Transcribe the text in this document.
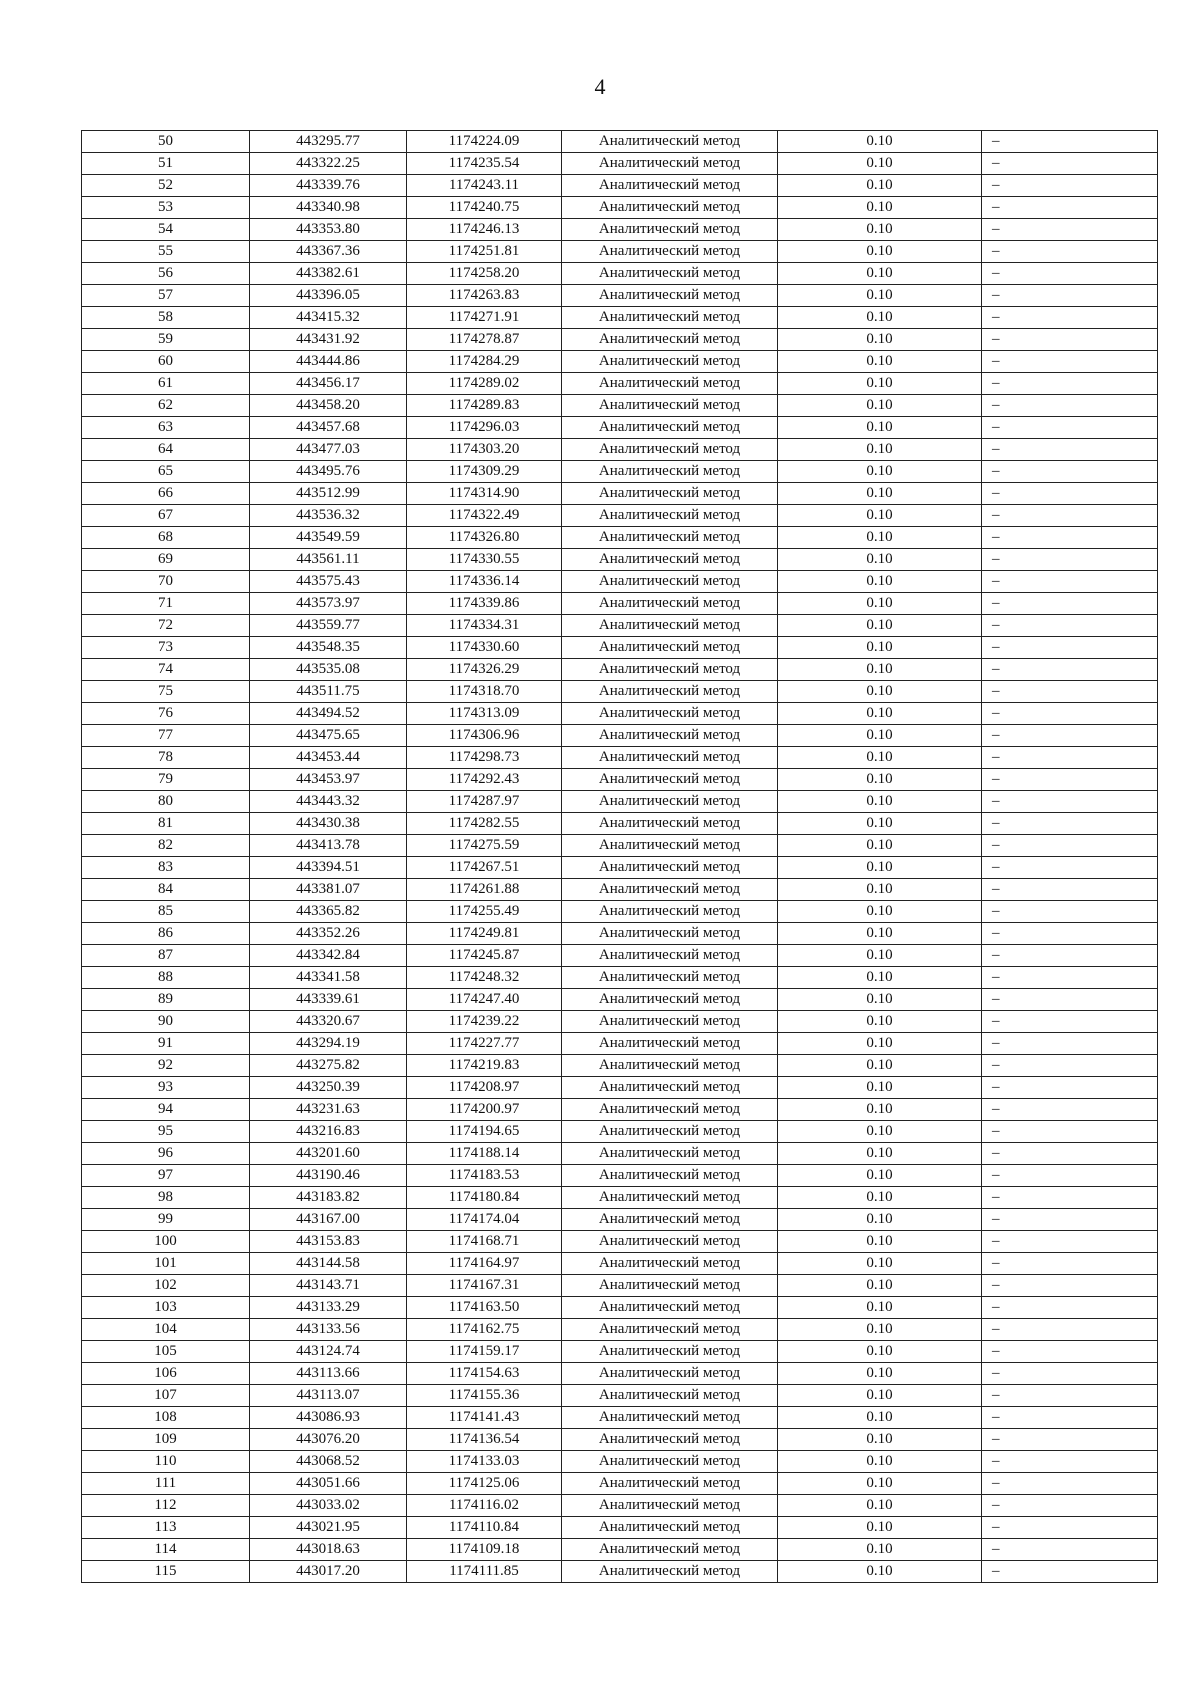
4
50	443295.77	1174224.09	Аналитический метод	0.10	–
51	443322.25	1174235.54	Аналитический метод	0.10	–
52	443339.76	1174243.11	Аналитический метод	0.10	–
53	443340.98	1174240.75	Аналитический метод	0.10	–
54	443353.80	1174246.13	Аналитический метод	0.10	–
55	443367.36	1174251.81	Аналитический метод	0.10	–
56	443382.61	1174258.20	Аналитический метод	0.10	–
57	443396.05	1174263.83	Аналитический метод	0.10	–
58	443415.32	1174271.91	Аналитический метод	0.10	–
59	443431.92	1174278.87	Аналитический метод	0.10	–
60	443444.86	1174284.29	Аналитический метод	0.10	–
61	443456.17	1174289.02	Аналитический метод	0.10	–
62	443458.20	1174289.83	Аналитический метод	0.10	–
63	443457.68	1174296.03	Аналитический метод	0.10	–
64	443477.03	1174303.20	Аналитический метод	0.10	–
65	443495.76	1174309.29	Аналитический метод	0.10	–
66	443512.99	1174314.90	Аналитический метод	0.10	–
67	443536.32	1174322.49	Аналитический метод	0.10	–
68	443549.59	1174326.80	Аналитический метод	0.10	–
69	443561.11	1174330.55	Аналитический метод	0.10	–
70	443575.43	1174336.14	Аналитический метод	0.10	–
71	443573.97	1174339.86	Аналитический метод	0.10	–
72	443559.77	1174334.31	Аналитический метод	0.10	–
73	443548.35	1174330.60	Аналитический метод	0.10	–
74	443535.08	1174326.29	Аналитический метод	0.10	–
75	443511.75	1174318.70	Аналитический метод	0.10	–
76	443494.52	1174313.09	Аналитический метод	0.10	–
77	443475.65	1174306.96	Аналитический метод	0.10	–
78	443453.44	1174298.73	Аналитический метод	0.10	–
79	443453.97	1174292.43	Аналитический метод	0.10	–
80	443443.32	1174287.97	Аналитический метод	0.10	–
81	443430.38	1174282.55	Аналитический метод	0.10	–
82	443413.78	1174275.59	Аналитический метод	0.10	–
83	443394.51	1174267.51	Аналитический метод	0.10	–
84	443381.07	1174261.88	Аналитический метод	0.10	–
85	443365.82	1174255.49	Аналитический метод	0.10	–
86	443352.26	1174249.81	Аналитический метод	0.10	–
87	443342.84	1174245.87	Аналитический метод	0.10	–
88	443341.58	1174248.32	Аналитический метод	0.10	–
89	443339.61	1174247.40	Аналитический метод	0.10	–
90	443320.67	1174239.22	Аналитический метод	0.10	–
91	443294.19	1174227.77	Аналитический метод	0.10	–
92	443275.82	1174219.83	Аналитический метод	0.10	–
93	443250.39	1174208.97	Аналитический метод	0.10	–
94	443231.63	1174200.97	Аналитический метод	0.10	–
95	443216.83	1174194.65	Аналитический метод	0.10	–
96	443201.60	1174188.14	Аналитический метод	0.10	–
97	443190.46	1174183.53	Аналитический метод	0.10	–
98	443183.82	1174180.84	Аналитический метод	0.10	–
99	443167.00	1174174.04	Аналитический метод	0.10	–
100	443153.83	1174168.71	Аналитический метод	0.10	–
101	443144.58	1174164.97	Аналитический метод	0.10	–
102	443143.71	1174167.31	Аналитический метод	0.10	–
103	443133.29	1174163.50	Аналитический метод	0.10	–
104	443133.56	1174162.75	Аналитический метод	0.10	–
105	443124.74	1174159.17	Аналитический метод	0.10	–
106	443113.66	1174154.63	Аналитический метод	0.10	–
107	443113.07	1174155.36	Аналитический метод	0.10	–
108	443086.93	1174141.43	Аналитический метод	0.10	–
109	443076.20	1174136.54	Аналитический метод	0.10	–
110	443068.52	1174133.03	Аналитический метод	0.10	–
111	443051.66	1174125.06	Аналитический метод	0.10	–
112	443033.02	1174116.02	Аналитический метод	0.10	–
113	443021.95	1174110.84	Аналитический метод	0.10	–
114	443018.63	1174109.18	Аналитический метод	0.10	–
115	443017.20	1174111.85	Аналитический метод	0.10	–
